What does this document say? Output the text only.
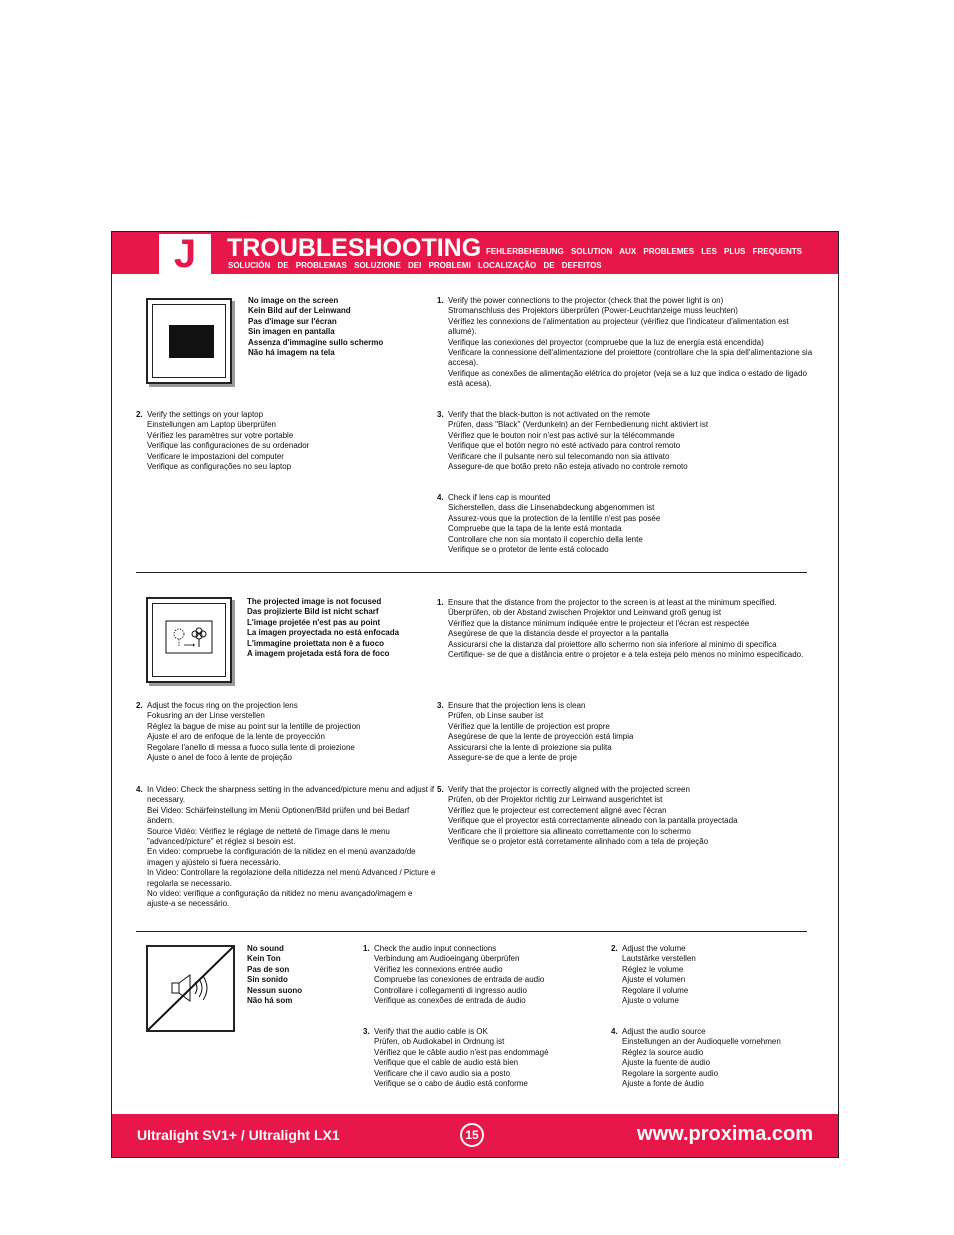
J	TROUBLESHOOTING FEHLERBEHEBUNG SOLUTION AUX PROBLEMES LES PLUS FREQUENTS
SOLUCIÓN DE PROBLEMAS SOLUZIONE DEI PROBLEMI LOCALIZAÇÃO DE DEFEITOS
No image on the screen
Kein Bild auf der Leinwand
Pas d'image sur l'écran
Sin imagen en pantalla
Assenza d'immagine sullo schermo
Não há imagem na tela
1. Verify the power connections to the projector (check that the power light is on)
Stromanschluss des Projektors überprüfen (Power-Leuchtanzeige muss leuchten)
Vérifiez les connexions de l'alimentation au projecteur (vérifiez que l'indicateur d'alimentation est allumé).
Verifique las conexiones del proyector (compruebe que la luz de energía está encendida)
Verificare la connessione dell'alimentazione del proiettore (controllare che la spia dell'alimentazione sia accesa).
Verifique as conexões de alimentação elétrica do projetor (veja se a luz que indica o estado de ligado está acesa).
2. Verify the settings on your laptop
Einstellungen am Laptop überprüfen
Vérifiez les paramètres sur votre portable
Verifique las configuraciones de su ordenador
Verificare le impostazioni del computer
Verifique as configurações no seu laptop
3. Verify that the black-button is not activated on the remote
Prüfen, dass "Black" (Verdunkeln) an der Fernbedienung nicht aktiviert ist
Vérifiez que le bouton noir n'est pas activé sur la télécommande
Verifique que el botón negro no esté activado para control remoto
Verificare che il pulsante nero sul telecomando non sia attivato
Assegure-de que botão preto não esteja ativado no controle remoto
4. Check if lens cap is mounted
Sicherstellen, dass die Linsenabdeckung abgenommen ist
Assurez-vous que la protection de la lentille n'est pas posée
Compruebe que la tapa de la lente está montada
Controllare che non sia montato il coperchio della lente
Verifique se o protetor de lente está colocado
The projected image is not focused
Das projizierte Bild ist nicht scharf
L'image projetée n'est pas au point
La imagen proyectada no está enfocada
L'immagine proiettata non è a fuoco
A imagem projetada está fora de foco
1. Ensure that the distance from the projector to the screen is at least at the minimum specified.
Überprüfen, ob der Abstand zwischen Projektor und Leinwand groß genug ist
Vérifiez que la distance minimum indiquée entre le projecteur et l'écran est respectée
Asegúrese de que la distancia desde el proyector a la pantalla
Assicurarsi che la distanza dal proiettore allo schermo non sia inferiore al minimo di specifica
Certifique- se de que a distância entre o projetor e a tela esteja pelo menos no mínimo especificado.
2. Adjust the focus ring on the projection lens
Fokusring an der Linse verstellen
Réglez la bague de mise au point sur la lentille de projection
Ajuste el aro de enfoque de la lente de proyección
Regolare l'anello di messa a fuoco sulla lente di proiezione
Ajuste o anel de foco à lente de projeção
3. Ensure that the projection lens is clean
Prüfen, ob Linse sauber ist
Vérifiez que la lentille de projection est propre
Asegúrese de que la lente de proyección está limpia
Assicurarsi che la lente di proiezione sia pulita
Assegure-se de que a lente de proje
4. In Video: Check the sharpness setting in the advanced/picture menu and adjust if necessary.
Bei Video: Schärfeinstellung im Menü Optionen/Bild prüfen und bei Bedarf ändern.
Source Vidéo: Vérifiez le réglage de netteté de l'image dans le menu "advanced/picture" et réglez si besoin est.
En video: compruebe la configuración de la nitidez en el menú avanzado/de imagen y ajústelo si fuera necessário.
In Video: Controllare la regolazione della nitidezza nel menù Advanced / Picture e regolarla se necessario.
No vídeo: verifique a configuração da nitidez no menu avançado/imagem e ajuste-a se necessário.
5. Verify that the projector is correctly aligned with the projected screen
Prüfen, ob der Projektor richtig zur Leinwand ausgerichtet ist
Vérifiez que le projecteur est correctement aligné avec l'écran
Verifique que el proyector está correctamente alineado con la pantalla proyectada
Verificare che il proiettore sia allineato correttamente con lo schermo
Verifique se o projetor está corretamente alinhado com a tela de projeção
No sound
Kein Ton
Pas de son
Sin sonido
Nessun suono
Não há som
1. Check the audio input connections
Verbindung am Audioeingang überprüfen
Vérifiez les connexions entrée audio
Compruebe las conexiones de entrada de audio
Controllare i collegamenti di ingresso audio
Verifique as conexões de entrada de áudio
2. Adjust the volume
Lautstärke verstellen
Réglez le volume
Ajuste el volumen
Regolare il volume
Ajuste o volume
3. Verify that the audio cable is OK
Prüfen, ob Audiokabel in Ordnung ist
Vérifiez que le câble audio n'est pas endommagé
Verifique que el cable de audio está bien
Verificare che il cavo audio sia a posto
Verifique se o cabo de áudio está conforme
4. Adjust the audio source
Einstellungen an der Audioquelle vornehmen
Réglez la source audio
Ajuste la fuente de audio
Regolare la sorgente audio
Ajuste a fonte de áudio
Ultralight SV1+ / Ultralight LX1	15	www.proxima.com
